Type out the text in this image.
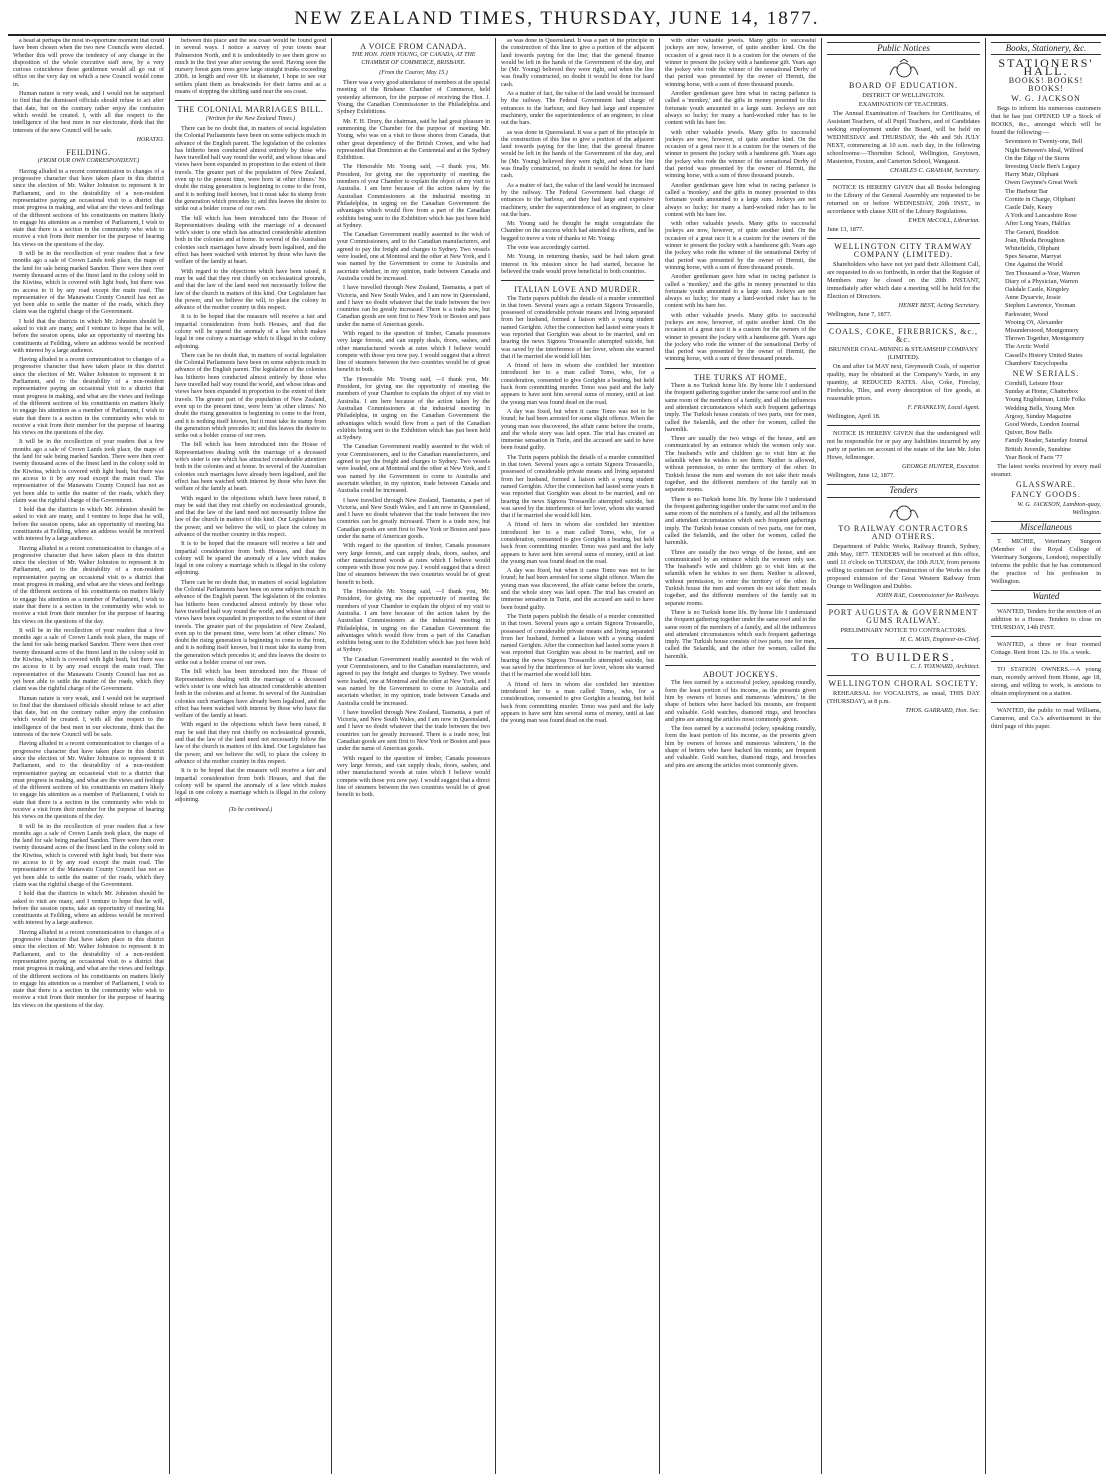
NEW ZEALAND TIMES, THURSDAY, JUNE 14, 1877.

a head at perhaps the most in-opportune moment that could have been chosen when the two new Councils were elected. Whether this will prove the tendency of any change in the disposition of the whole executive staff now, by a very curious coincidence these gentlemen would all go out of office on the very day on which a new Council would come in.

Human nature is very weak, and I would not be surprised to find that the dismissed officials should refuse to act after that date, but on the contrary rather enjoy the confusion which would be created. I, with all due respect to the intelligence of the best men in our electorate, think that the interests of the new Council will be safe.

HORATIO.
FEILDING.
(FROM OUR OWN CORRESPONDENT.)

Having alluded in a recent communication to changes of a progressive character that have taken place in this district since the election of Mr. Walter Johnston to represent it in Parliament, and to the desirability of a non-resident representative paying an occasional visit to a district that must progress in making, and what are the views and feelings of the different sections of his constituents on matters likely to engage his attention as a member of Parliament, I wish to state that there is a section in the community who wish to receive a visit from their member for the purpose of hearing his views on the questions of the day.

It will be in the recollection of your readers that a few months ago a sale of Crown Lands took place, the maps of the land for sale being marked Sandon. There were then over twenty thousand acres of the finest land in the colony sold in the Kiwitea, which is covered with light bush, but there was no access to it by any road except the main road. The representative of the Manawatu County Council has not as yet been able to settle the matter of the roads, which they claim was the rightful charge of the Government.

I hold that the districts in which Mr. Johnston should be asked to visit are many, and I venture to hope that he will, before the session opens, take an opportunity of meeting his constituents at Feilding, where an address would be received with interest by a large audience.

Having alluded in a recent communication to changes of a progressive character that have taken place in this district since the election of Mr. Walter Johnston to represent it in Parliament, and to the desirability of a non-resident representative paying an occasional visit to a district that must progress in making, and what are the views and feelings of the different sections of his constituents on matters likely to engage his attention as a member of Parliament, I wish to state that there is a section in the community who wish to receive a visit from their member for the purpose of hearing his views on the questions of the day.

It will be in the recollection of your readers that a few months ago a sale of Crown Lands took place, the maps of the land for sale being marked Sandon. There were then over twenty thousand acres of the finest land in the colony sold in the Kiwitea, which is covered with light bush, but there was no access to it by any road except the main road. The representative of the Manawatu County Council has not as yet been able to settle the matter of the roads, which they claim was the rightful charge of the Government.

I hold that the districts in which Mr. Johnston should be asked to visit are many, and I venture to hope that he will, before the session opens, take an opportunity of meeting his constituents at Feilding, where an address would be received with interest by a large audience.

Having alluded in a recent communication to changes of a progressive character that have taken place in this district since the election of Mr. Walter Johnston to represent it in Parliament, and to the desirability of a non-resident representative paying an occasional visit to a district that must progress in making, and what are the views and feelings of the different sections of his constituents on matters likely to engage his attention as a member of Parliament, I wish to state that there is a section in the community who wish to receive a visit from their member for the purpose of hearing his views on the questions of the day.

It will be in the recollection of your readers that a few months ago a sale of Crown Lands took place, the maps of the land for sale being marked Sandon. There were then over twenty thousand acres of the finest land in the colony sold in the Kiwitea, which is covered with light bush, but there was no access to it by any road except the main road. The representative of the Manawatu County Council has not as yet been able to settle the matter of the roads, which they claim was the rightful charge of the Government.

Human nature is very weak, and I would not be surprised to find that the dismissed officials should refuse to act after that date, but on the contrary rather enjoy the confusion which would be created. I, with all due respect to the intelligence of the best men in our electorate, think that the interests of the new Council will be safe.

Having alluded in a recent communication to changes of a progressive character that have taken place in this district since the election of Mr. Walter Johnston to represent it in Parliament, and to the desirability of a non-resident representative paying an occasional visit to a district that must progress in making, and what are the views and feelings of the different sections of his constituents on matters likely to engage his attention as a member of Parliament, I wish to state that there is a section in the community who wish to receive a visit from their member for the purpose of hearing his views on the questions of the day.

It will be in the recollection of your readers that a few months ago a sale of Crown Lands took place, the maps of the land for sale being marked Sandon. There were then over twenty thousand acres of the finest land in the colony sold in the Kiwitea, which is covered with light bush, but there was no access to it by any road except the main road. The representative of the Manawatu County Council has not as yet been able to settle the matter of the roads, which they claim was the rightful charge of the Government.

I hold that the districts in which Mr. Johnston should be asked to visit are many, and I venture to hope that he will, before the session opens, take an opportunity of meeting his constituents at Feilding, where an address would be received with interest by a large audience.

Having alluded in a recent communication to changes of a progressive character that have taken place in this district since the election of Mr. Walter Johnston to represent it in Parliament, and to the desirability of a non-resident representative paying an occasional visit to a district that must progress in making, and what are the views and feelings of the different sections of his constituents on matters likely to engage his attention as a member of Parliament, I wish to state that there is a section in the community who wish to receive a visit from their member for the purpose of hearing his views on the questions of the day.

between this place and the sea coast would be found good in several ways. I notice a survey of your towns near Palmerston North, and it is undoubtedly to see them grow so much in the first year after sowing the seed. Having seen the nursery forest gum trees grow large straight trunks exceeding 200ft. in length and over 6ft. in diameter, I hope to see our settlers plant them as breakwinds for their farms and as a means of stopping the shifting sand near the sea coast.

THE COLONIAL MARRIAGES BILL.
(Written for the New Zealand Times.)

There can be no doubt that, in matters of social legislation the Colonial Parliaments have been on some subjects much in advance of the English parent. The legislation of the colonies has hitherto been conducted almost entirely by those who have travelled half way round the world, and whose ideas and views have been expanded in proportion to the extent of their travels. The greater part of the population of New Zealand, even up to the present time, were born 'at other climes.' No doubt the rising generation is beginning to come to the front, and it is nothing itself known, but it must take its stamp from the generation which precedes it; and this leaves the desire to strike out a bolder course of our own.

The bill which has been introduced into the House of Representatives dealing with the marriage of a deceased wife's sister is one which has attracted considerable attention both in the colonies and at home. In several of the Australian colonies such marriages have already been legalised, and the effect has been watched with interest by those who have the welfare of the family at heart.

With regard to the objections which have been raised, it may be said that they rest chiefly on ecclesiastical grounds, and that the law of the land need not necessarily follow the law of the church in matters of this kind. Our Legislature has the power, and we believe the will, to place the colony in advance of the mother country in this respect.

It is to be hoped that the measure will receive a fair and impartial consideration from both Houses, and that the colony will be spared the anomaly of a law which makes legal in one colony a marriage which is illegal in the colony adjoining.

There can be no doubt that, in matters of social legislation the Colonial Parliaments have been on some subjects much in advance of the English parent. The legislation of the colonies has hitherto been conducted almost entirely by those who have travelled half way round the world, and whose ideas and views have been expanded in proportion to the extent of their travels. The greater part of the population of New Zealand, even up to the present time, were born 'at other climes.' No doubt the rising generation is beginning to come to the front, and it is nothing itself known, but it must take its stamp from the generation which precedes it; and this leaves the desire to strike out a bolder course of our own.

The bill which has been introduced into the House of Representatives dealing with the marriage of a deceased wife's sister is one which has attracted considerable attention both in the colonies and at home. In several of the Australian colonies such marriages have already been legalised, and the effect has been watched with interest by those who have the welfare of the family at heart.

With regard to the objections which have been raised, it may be said that they rest chiefly on ecclesiastical grounds, and that the law of the land need not necessarily follow the law of the church in matters of this kind. Our Legislature has the power, and we believe the will, to place the colony in advance of the mother country in this respect.

It is to be hoped that the measure will receive a fair and impartial consideration from both Houses, and that the colony will be spared the anomaly of a law which makes legal in one colony a marriage which is illegal in the colony adjoining.

There can be no doubt that, in matters of social legislation the Colonial Parliaments have been on some subjects much in advance of the English parent. The legislation of the colonies has hitherto been conducted almost entirely by those who have travelled half way round the world, and whose ideas and views have been expanded in proportion to the extent of their travels. The greater part of the population of New Zealand, even up to the present time, were born 'at other climes.' No doubt the rising generation is beginning to come to the front, and it is nothing itself known, but it must take its stamp from the generation which precedes it; and this leaves the desire to strike out a bolder course of our own.

The bill which has been introduced into the House of Representatives dealing with the marriage of a deceased wife's sister is one which has attracted considerable attention both in the colonies and at home. In several of the Australian colonies such marriages have already been legalised, and the effect has been watched with interest by those who have the welfare of the family at heart.

With regard to the objections which have been raised, it may be said that they rest chiefly on ecclesiastical grounds, and that the law of the land need not necessarily follow the law of the church in matters of this kind. Our Legislature has the power, and we believe the will, to place the colony in advance of the mother country in this respect.

It is to be hoped that the measure will receive a fair and impartial consideration from both Houses, and that the colony will be spared the anomaly of a law which makes legal in one colony a marriage which is illegal in the colony adjoining.

(To be continued.)
A VOICE FROM CANADA.
THE HON. JOHN YOUNG, OF CANADA, AT THE CHAMBER OF COMMERCE, BRISBANE.
(From the Courier, May 15.)

There was a very good attendance of members at the special meeting of the Brisbane Chamber of Commerce, held yesterday afternoon, for the purpose of receiving the Hon. J. Young, the Canadian Commissioner to the Philadelphia and Sydney Exhibitions.

Mr. F. H. Drury, the chairman, said he had great pleasure in summoning the Chamber for the purpose of meeting Mr. Young, who was on a visit to those shores from Canada, that other great dependency of the British Crown, and who had represented that Dominion at the Centennial and at the Sydney Exhibition.

The Honorable Mr. Young said, —I thank you, Mr. President, for giving me the opportunity of meeting the members of your Chamber to explain the object of my visit to Australia. I am here because of the action taken by the Australian Commissioners at the industrial meeting in Philadelphia, in urging on the Canadian Government the advantages which would flow from a part of the Canadian exhibits being sent to the Exhibition which has just been held at Sydney.

The Canadian Government readily assented to the wish of your Commissioners, and to the Canadian manufacturers, and agreed to pay the freight and charges to Sydney. Two vessels were loaded, one at Montreal and the other at New York, and I was named by the Government to come to Australia and ascertain whether, in my opinion, trade between Canada and Australia could be increased.

I have travelled through New Zealand, Tasmania, a part of Victoria, and New South Wales, and I am now in Queensland, and I have no doubt whatever that the trade between the two countries can be greatly increased. There is a trade now, but Canadian goods are sent first to New York or Boston and pass under the name of American goods.

With regard to the question of timber, Canada possesses very large forests, and can supply deals, doors, sashes, and other manufactured woods at rates which I believe would compete with those you now pay. I would suggest that a direct line of steamers between the two countries would be of great benefit to both.

The Honorable Mr. Young said, —I thank you, Mr. President, for giving me the opportunity of meeting the members of your Chamber to explain the object of my visit to Australia. I am here because of the action taken by the Australian Commissioners at the industrial meeting in Philadelphia, in urging on the Canadian Government the advantages which would flow from a part of the Canadian exhibits being sent to the Exhibition which has just been held at Sydney.

The Canadian Government readily assented to the wish of your Commissioners, and to the Canadian manufacturers, and agreed to pay the freight and charges to Sydney. Two vessels were loaded, one at Montreal and the other at New York, and I was named by the Government to come to Australia and ascertain whether, in my opinion, trade between Canada and Australia could be increased.

I have travelled through New Zealand, Tasmania, a part of Victoria, and New South Wales, and I am now in Queensland, and I have no doubt whatever that the trade between the two countries can be greatly increased. There is a trade now, but Canadian goods are sent first to New York or Boston and pass under the name of American goods.

With regard to the question of timber, Canada possesses very large forests, and can supply deals, doors, sashes, and other manufactured woods at rates which I believe would compete with those you now pay. I would suggest that a direct line of steamers between the two countries would be of great benefit to both.

The Honorable Mr. Young said, —I thank you, Mr. President, for giving me the opportunity of meeting the members of your Chamber to explain the object of my visit to Australia. I am here because of the action taken by the Australian Commissioners at the industrial meeting in Philadelphia, in urging on the Canadian Government the advantages which would flow from a part of the Canadian exhibits being sent to the Exhibition which has just been held at Sydney.

The Canadian Government readily assented to the wish of your Commissioners, and to the Canadian manufacturers, and agreed to pay the freight and charges to Sydney. Two vessels were loaded, one at Montreal and the other at New York, and I was named by the Government to come to Australia and ascertain whether, in my opinion, trade between Canada and Australia could be increased.

I have travelled through New Zealand, Tasmania, a part of Victoria, and New South Wales, and I am now in Queensland, and I have no doubt whatever that the trade between the two countries can be greatly increased. There is a trade now, but Canadian goods are sent first to New York or Boston and pass under the name of American goods.

With regard to the question of timber, Canada possesses very large forests, and can supply deals, doors, sashes, and other manufactured woods at rates which I believe would compete with those you now pay. I would suggest that a direct line of steamers between the two countries would be of great benefit to both.

as was done in Queensland. It was a part of the principle in the construction of this line to give a portion of the adjacent land towards paying for the line; that the general finance would be left in the hands of the Government of the day, and he (Mr. Young) believed they were right, and when the line was finally constructed, no doubt it would be done for hard cash.

As a matter of fact, the value of the land would be increased by the railway. The Federal Government had charge of entrances to the harbour, and they had large and expensive machinery, under the superintendence of an engineer, to clear out the bars.

as was done in Queensland. It was a part of the principle in the construction of this line to give a portion of the adjacent land towards paying for the line; that the general finance would be left in the hands of the Government of the day, and he (Mr. Young) believed they were right, and when the line was finally constructed, no doubt it would be done for hard cash.

As a matter of fact, the value of the land would be increased by the railway. The Federal Government had charge of entrances to the harbour, and they had large and expensive machinery, under the superintendence of an engineer, to clear out the bars.

Mr. Young said he thought he might congratulate the Chamber on the success which had attended its efforts, and he begged to move a vote of thanks to Mr. Young.

The vote was accordingly carried.

Mr. Young, in returning thanks, said he had taken great interest in his mission since he had started, because he believed the trade would prove beneficial to both countries.

ITALIAN LOVE AND MURDER.

The Turin papers publish the details of a murder committed in that town. Several years ago a certain Signora Trossarello, possessed of considerable private means and living separated from her husband, formed a liaison with a young student named Gorighin. After the connection had lasted some years it was reported that Gorighin was about to be married, and on hearing the news Signora Trossarello attempted suicide, but was saved by the interference of her lover, whom she warned that if he married she would kill him.

A friend of hers in whom she confided her intention introduced her to a man called Tomo, who, for a consideration, consented to give Gorighin a beating, but held back from committing murder. Tomo was paid and the lady appears to have sent him several sums of money, until at last the young man was found dead on the road.

A day was fixed, but when it came Tomo was not to be found; he had been arrested for some slight offence. When the young man was discovered, the affair came before the courts, and the whole story was laid open. The trial has created an immense sensation in Turin, and the accused are said to have been found guilty.

The Turin papers publish the details of a murder committed in that town. Several years ago a certain Signora Trossarello, possessed of considerable private means and living separated from her husband, formed a liaison with a young student named Gorighin. After the connection had lasted some years it was reported that Gorighin was about to be married, and on hearing the news Signora Trossarello attempted suicide, but was saved by the interference of her lover, whom she warned that if he married she would kill him.

A friend of hers in whom she confided her intention introduced her to a man called Tomo, who, for a consideration, consented to give Gorighin a beating, but held back from committing murder. Tomo was paid and the lady appears to have sent him several sums of money, until at last the young man was found dead on the road.

A day was fixed, but when it came Tomo was not to be found; he had been arrested for some slight offence. When the young man was discovered, the affair came before the courts, and the whole story was laid open. The trial has created an immense sensation in Turin, and the accused are said to have been found guilty.

The Turin papers publish the details of a murder committed in that town. Several years ago a certain Signora Trossarello, possessed of considerable private means and living separated from her husband, formed a liaison with a young student named Gorighin. After the connection had lasted some years it was reported that Gorighin was about to be married, and on hearing the news Signora Trossarello attempted suicide, but was saved by the interference of her lover, whom she warned that if he married she would kill him.

A friend of hers in whom she confided her intention introduced her to a man called Tomo, who, for a consideration, consented to give Gorighin a beating, but held back from committing murder. Tomo was paid and the lady appears to have sent him several sums of money, until at last the young man was found dead on the road.

with other valuable jewels. Many gifts to successful jockeys are now, however, of quite another kind. On the occasion of a great race it is a custom for the owners of the winner to present the jockey with a handsome gift. Years ago the jockey who rode the winner of the sensational Derby of that period was presented by the owner of Hermit, the winning horse, with a sum of three thousand pounds.

Another gentleman gave him what in racing parlance is called a 'monkey,' and the gifts in money presented to this fortunate youth amounted to a large sum. Jockeys are not always so lucky; for many a hard-worked rider has to be content with his bare fee.

with other valuable jewels. Many gifts to successful jockeys are now, however, of quite another kind. On the occasion of a great race it is a custom for the owners of the winner to present the jockey with a handsome gift. Years ago the jockey who rode the winner of the sensational Derby of that period was presented by the owner of Hermit, the winning horse, with a sum of three thousand pounds.

Another gentleman gave him what in racing parlance is called a 'monkey,' and the gifts in money presented to this fortunate youth amounted to a large sum. Jockeys are not always so lucky; for many a hard-worked rider has to be content with his bare fee.

with other valuable jewels. Many gifts to successful jockeys are now, however, of quite another kind. On the occasion of a great race it is a custom for the owners of the winner to present the jockey with a handsome gift. Years ago the jockey who rode the winner of the sensational Derby of that period was presented by the owner of Hermit, the winning horse, with a sum of three thousand pounds.

Another gentleman gave him what in racing parlance is called a 'monkey,' and the gifts in money presented to this fortunate youth amounted to a large sum. Jockeys are not always so lucky; for many a hard-worked rider has to be content with his bare fee.

with other valuable jewels. Many gifts to successful jockeys are now, however, of quite another kind. On the occasion of a great race it is a custom for the owners of the winner to present the jockey with a handsome gift. Years ago the jockey who rode the winner of the sensational Derby of that period was presented by the owner of Hermit, the winning horse, with a sum of three thousand pounds.

THE TURKS AT HOME.

There is no Turkish home life. By home life I understand the frequent gathering together under the same roof and in the same room of the members of a family, and all the influences and attendant circumstances which such frequent gatherings imply. The Turkish house consists of two parts, one for men, called the Selamlik, and the other for women, called the haremlik.

Three are usually the two wings of the house, and are communicated by an entrance which the women only use. The husband's wife and children go to visit him at the selamlik when he wishes to see them. Neither is allowed, without permission, to enter the territory of the other. In Turkish house the men and women do not take their meals together, and the different members of the family eat in separate rooms.

There is no Turkish home life. By home life I understand the frequent gathering together under the same roof and in the same room of the members of a family, and all the influences and attendant circumstances which such frequent gatherings imply. The Turkish house consists of two parts, one for men, called the Selamlik, and the other for women, called the haremlik.

Three are usually the two wings of the house, and are communicated by an entrance which the women only use. The husband's wife and children go to visit him at the selamlik when he wishes to see them. Neither is allowed, without permission, to enter the territory of the other. In Turkish house the men and women do not take their meals together, and the different members of the family eat in separate rooms.

There is no Turkish home life. By home life I understand the frequent gathering together under the same roof and in the same room of the members of a family, and all the influences and attendant circumstances which such frequent gatherings imply. The Turkish house consists of two parts, one for men, called the Selamlik, and the other for women, called the haremlik.

ABOUT JOCKEYS.

The fees earned by a successful jockey, speaking roundly, form the least portion of his income, as the presents given him by owners of horses and numerous 'admirers,' in the shape of betters who have backed his mounts, are frequent and valuable. Gold watches, diamond rings, and brooches and pins are among the articles most commonly given.

The fees earned by a successful jockey, speaking roundly, form the least portion of his income, as the presents given him by owners of horses and numerous 'admirers,' in the shape of betters who have backed his mounts, are frequent and valuable. Gold watches, diamond rings, and brooches and pins are among the articles most commonly given.

Public Notices
BOARD OF EDUCATION.
DISTRICT OF WELLINGTON.
EXAMINATION OF TEACHERS.
The Annual Examination of Teachers for Certificates, of Assistant Teachers, of all Pupil Teachers, and of Candidates seeking employment under the Board, will be held on WEDNESDAY and THURSDAY, the 4th and 5th JULY NEXT, commencing at 10 a.m. each day, in the following schoolrooms:—Thorndon School, Wellington, Greytown, Masterton, Foxton, and Carterton School, Wanganui.
CHARLES C. GRAHAM, Secretary.
NOTICE IS HEREBY GIVEN that all Books belonging to the Library of the General Assembly are requested to be returned on or before WEDNESDAY, 20th INST., in accordance with clause XIII of the Library Regulations.
EWEN McCOLL, Librarian.
June 13, 1877.
WELLINGTON CITY TRAMWAY COMPANY (LIMITED).
Shareholders who have not yet paid their Allotment Call, are requested to do so forthwith, in order that the Register of Members may be closed on the 20th INSTANT, immediately after which date a meeting will be held for the Election of Directors.
HENRY BEST, Acting Secretary.
Wellington, June 7, 1877.
COALS, COKE, FIREBRICKS, &c., &c.
BRUNNER COAL-MINING & STEAMSHIP COMPANY (LIMITED).
On and after 1st MAY next, Greymouth Coals, of superior quality, may be obtained at the Company's Yards, in any quantity, at REDUCED RATES. Also, Coke, Fireclay, Firebricks, Tiles, and every description of fire goods, at reasonable prices.
F. FRANKLYN, Local Agent.
Wellington, April 18.
NOTICE IS HEREBY GIVEN that the undersigned will not be responsible for or pay any liabilities incurred by any party or parties on account of the estate of the late Mr. John Howe, fellmonger.
GEORGE HUNTER, Executor.
Wellington, June 12, 1877.
Tenders
TO RAILWAY CONTRACTORS AND OTHERS.
Department of Public Works, Railway Branch, Sydney, 28th May, 1877. TENDERS will be received at this office, until 11 o'clock on TUESDAY, the 10th JULY, from persons willing to contract for the Construction of the Works on the proposed extension of the Great Western Railway from Orange to Wellington and Dubbo.
JOHN RAE, Commissioner for Railways.
PORT AUGUSTA & GOVERNMENT GUMS RAILWAY.
PRELIMINARY NOTICE TO CONTRACTORS.
H. C. MAIS, Engineer-in-Chief.
TO BUILDERS.
C. J. TOXWARD, Architect.
WELLINGTON CHORAL SOCIETY.
REHEARSAL for VOCALISTS, as usual, THIS DAY (THURSDAY), at 8 p.m.
THOS. GARRARD, Hon. Sec.
Books, Stationery, &c.
STATIONERS' HALL.
BOOKS! BOOKS! BOOKS!
W. G. JACKSON
Begs to inform his numerous customers that he has just OPENED UP a Stock of BOOKS, &c., amongst which will be found the following:—
Seventeen to Twenty-one, Bell
Night Between's Ideal, Wilford
On the Edge of the Storm
Investing Uncle Ben's Legacy
Harry Muir, Oliphant
Owen Gwynne's Great Work
The Harbour Bar
Cornite in Charge, Oliphant
Castle Daly, Keary
A York and Lancashire Rose
After Long Years, Halifax
The Gerard, Braddon
Joan, Rhoda Broughton
Whitefields, Oliphant
Spes Sesame, Marryat
One Against the World
Ten Thousand a-Year, Warren
Diary of a Physician, Warren
Oakdale Castle, Kingsley
Anne Dysarvie, Jessie
Stephen Lawrence, Yeoman
Parkwater, Wood
Wooing O't, Alexander
Misunderstood, Montgomery
Thrown Together, Montgomery
The Arctic World
Cassell's History United States
Chambers' Encyclopedia
NEW SERIALS.
Cornhill, Leisure Hour
Sunday at Home, Chatterbox
Young Englishman, Little Folks
Wedding Bells, Young Men
Argosy, Sunday Magazine
Good Words, London Journal
Quiver, Bow Bells
Family Reader, Saturday Journal
British Juvenile, Sunshine
Year Book of Facts '77
The latest works received by every mail steamer.
GLASSWARE.
FANCY GOODS.
W. G. JACKSON, Lambton-quay, Wellington.
Miscellaneous
T. MICHIE, Veterinary Surgeon (Member of the Royal College of Veterinary Surgeons, London), respectfully informs the public that he has commenced the practice of his profession in Wellington.
Wanted
WANTED, Tenders for the erection of an addition to a House. Tenders to close on THURSDAY, 14th INST.
WANTED, a three or four roomed Cottage. Rent from 12s. to 16s. a week.
TO STATION OWNERS.—A young man, recently arrived from Home, age 18, strong, and willing to work, is anxious to obtain employment on a station.
WANTED, the public to read Williams, Cameron, and Co.'s advertisement in the third page of this paper.
